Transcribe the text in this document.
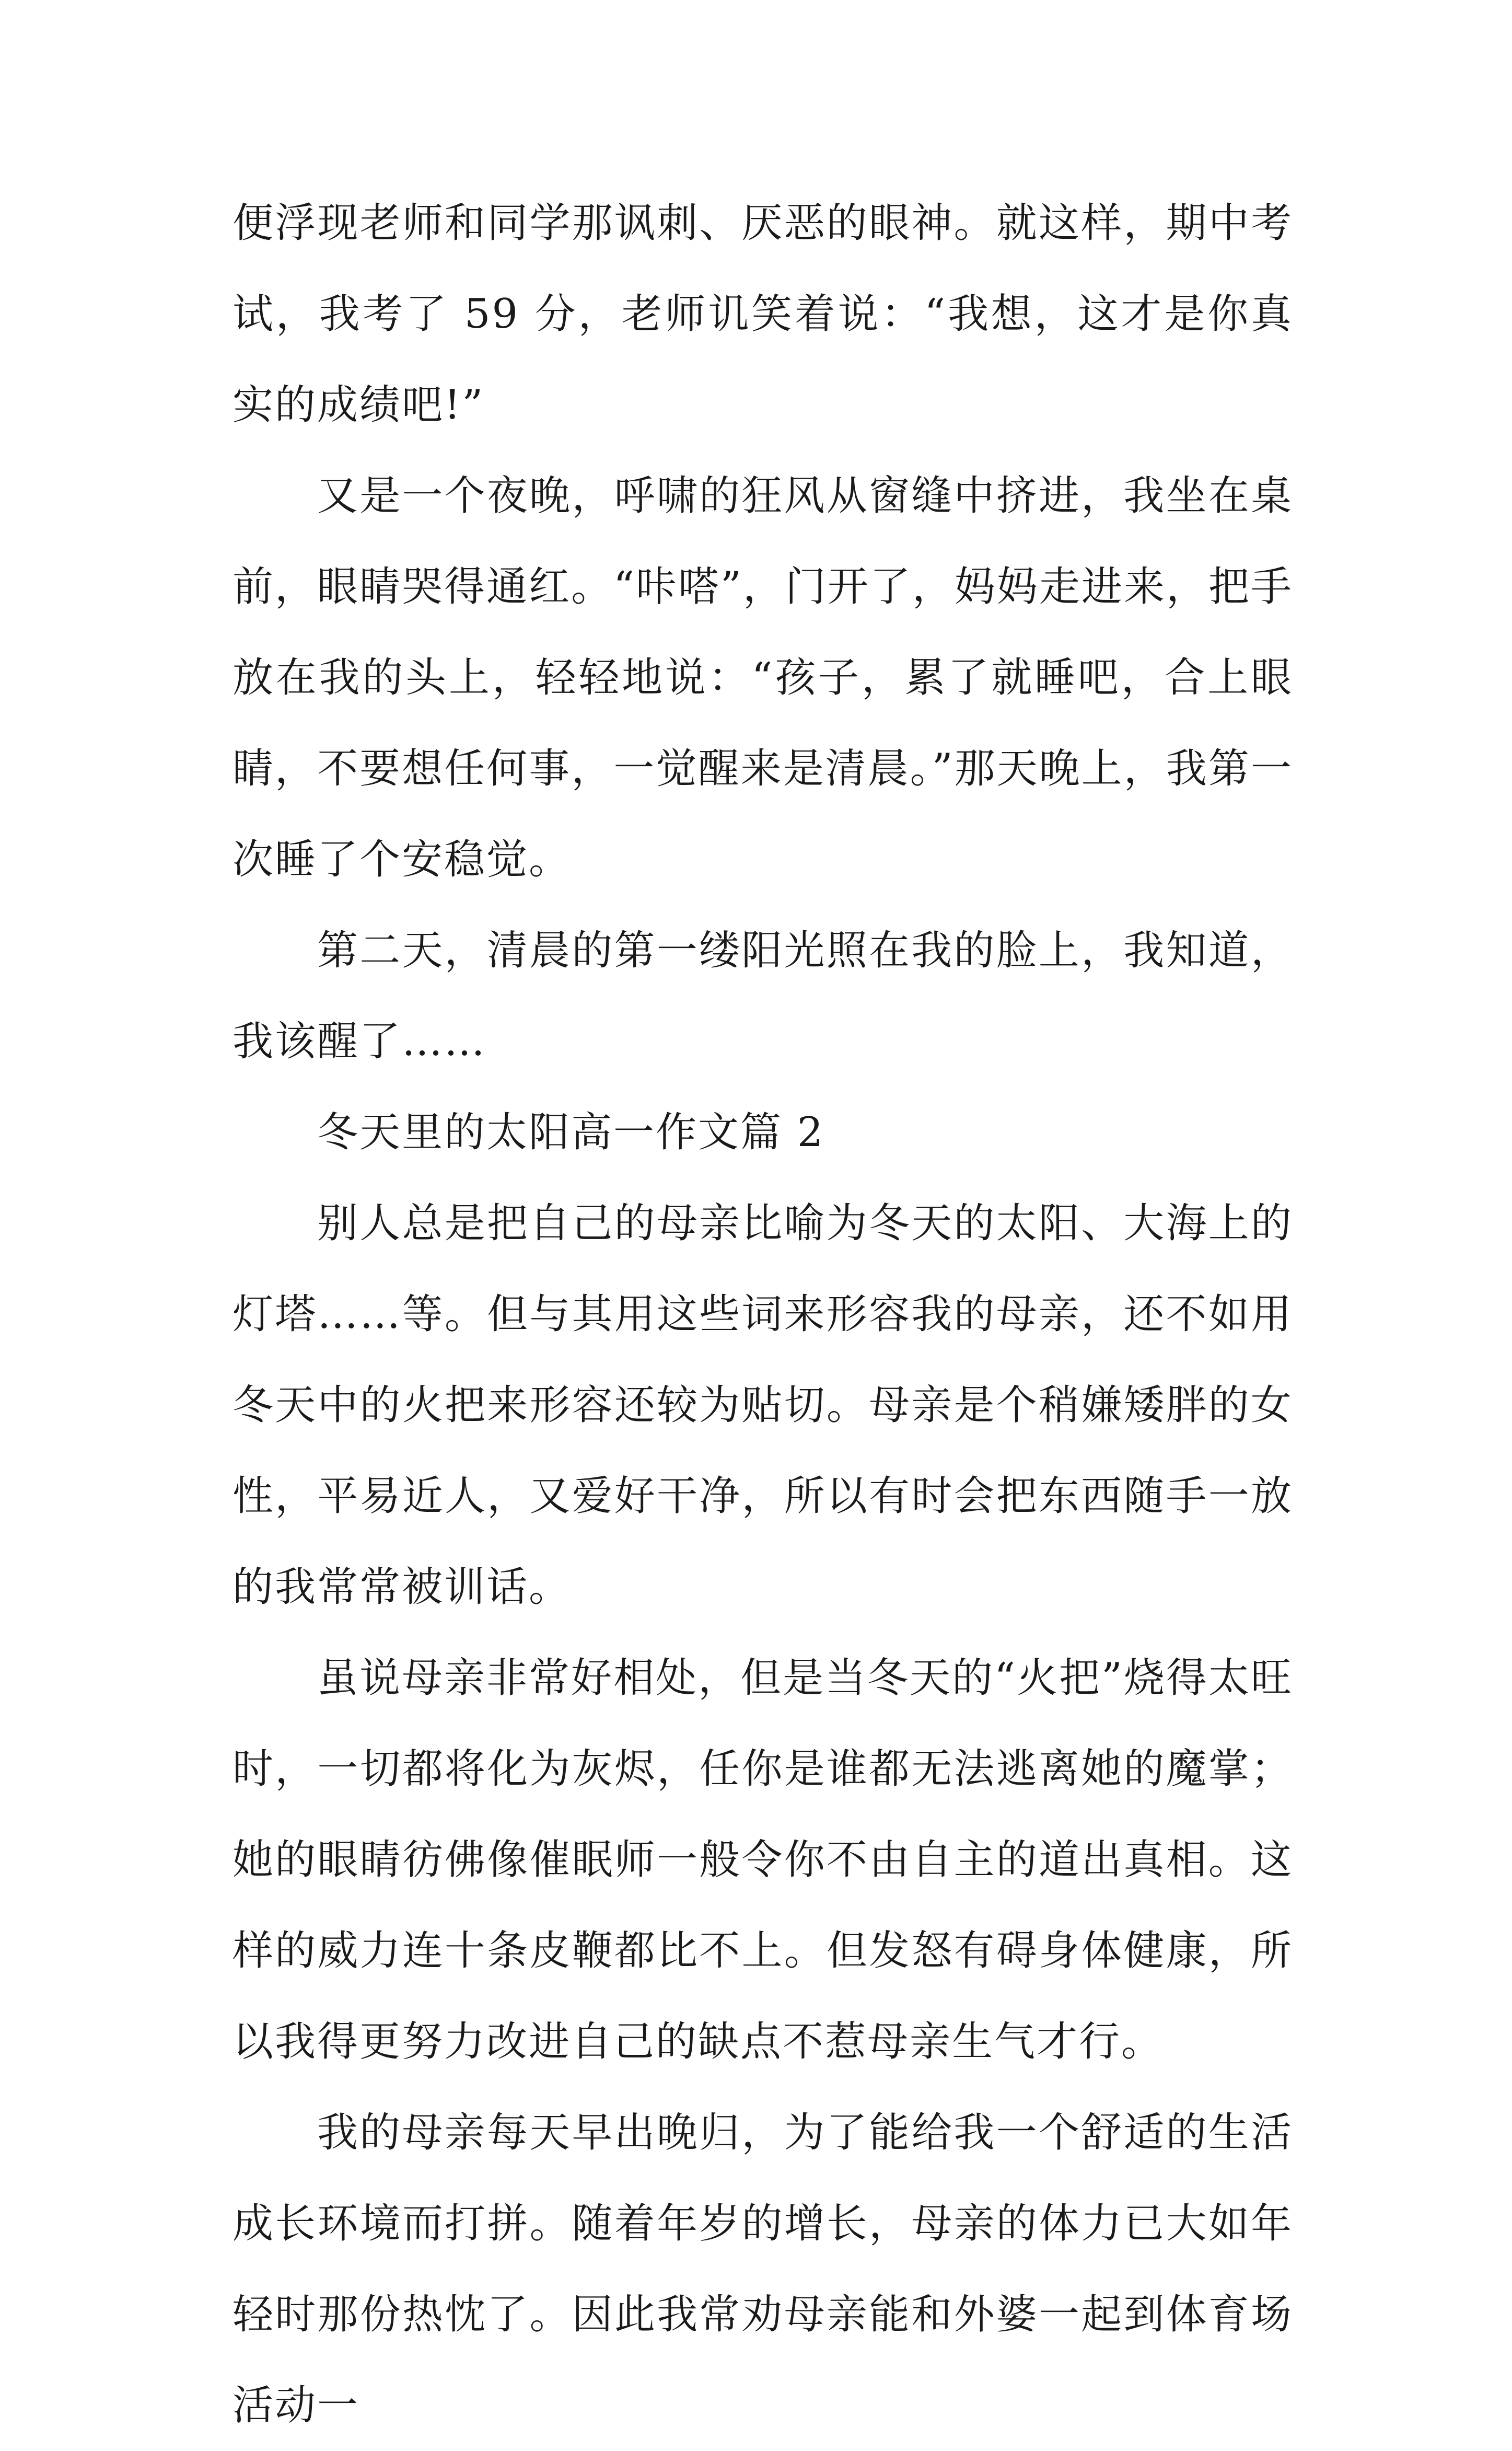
便浮现老师和同学那讽刺、厌恶的眼神。就这样，期中考试，我考了 59 分，老师讥笑着说：“我想，这才是你真实的成绩吧!”

又是一个夜晚，呼啸的狂风从窗缝中挤进，我坐在桌前，眼睛哭得通红。“咔嗒”，门开了，妈妈走进来，把手放在我的头上，轻轻地说：“孩子，累了就睡吧，合上眼睛，不要想任何事，一觉醒来是清晨。”那天晚上，我第一次睡了个安稳觉。

第二天，清晨的第一缕阳光照在我的脸上，我知道，我该醒了……

冬天里的太阳高一作文篇 2

别人总是把自己的母亲比喻为冬天的太阳、大海上的灯塔……等。但与其用这些词来形容我的母亲，还不如用冬天中的火把来形容还较为贴切。母亲是个稍嫌矮胖的女性，平易近人，又爱好干净，所以有时会把东西随手一放的我常常被训话。

虽说母亲非常好相处，但是当冬天的“火把”烧得太旺时，一切都将化为灰烬，任你是谁都无法逃离她的魔掌；她的眼睛彷佛像催眠师一般令你不由自主的道出真相。这样的威力连十条皮鞭都比不上。但发怒有碍身体健康，所以我得更努力改进自己的缺点不惹母亲生气才行。

我的母亲每天早出晚归，为了能给我一个舒适的生活成长环境而打拼。随着年岁的增长，母亲的体力已大如年轻时那份热忱了。因此我常劝母亲能和外婆一起到体育场活动一
